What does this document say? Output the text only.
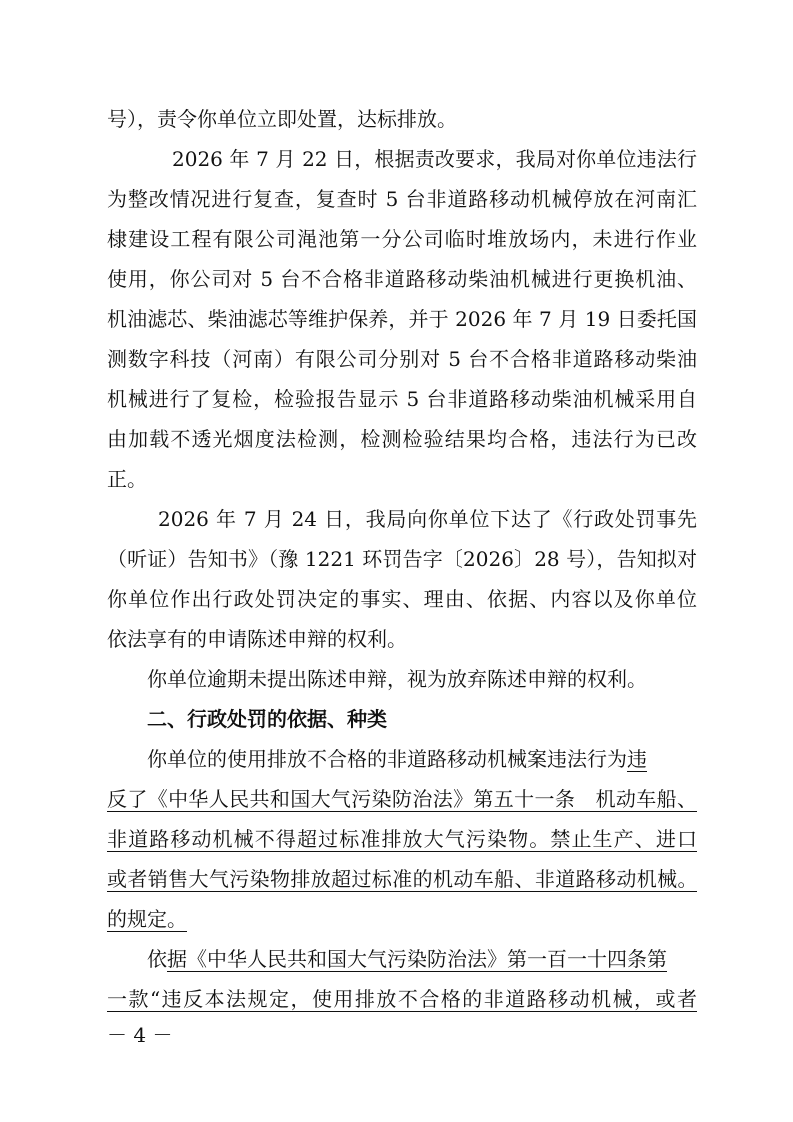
号），责令你单位立即处置，达标排放。
2026 年 7 月 22 日，根据责改要求，我局对你单位违法行
为整改情况进行复查，复查时 5 台非道路移动机械停放在河南汇
棣建设工程有限公司渑池第一分公司临时堆放场内，未进行作业
使用，你公司对 5 台不合格非道路移动柴油机械进行更换机油、
机油滤芯、柴油滤芯等维护保养，并于 2026 年 7 月 19 日委托国
测数字科技（河南）有限公司分别对 5 台不合格非道路移动柴油
机械进行了复检，检验报告显示 5 台非道路移动柴油机械采用自
由加载不透光烟度法检测，检测检验结果均合格，违法行为已改
正。
2026 年 7 月 24 日，我局向你单位下达了《行政处罚事先
（听证）告知书》（豫 1221 环罚告字〔2026〕28 号），告知拟对
你单位作出行政处罚决定的事实、理由、依据、内容以及你单位
依法享有的申请陈述申辩的权利。
你单位逾期未提出陈述申辩，视为放弃陈述申辩的权利。
二、行政处罚的依据、种类
你单位的使用排放不合格的非道路移动机械案违法行为违
反了《中华人民共和国大气污染防治法》第五十一条　机动车船、
非道路移动机械不得超过标准排放大气污染物。禁止生产、进口
或者销售大气污染物排放超过标准的机动车船、非道路移动机械。
的规定。
依据《中华人民共和国大气污染防治法》第一百一十四条第
一款“违反本法规定，使用排放不合格的非道路移动机械，或者
－ 4 －
